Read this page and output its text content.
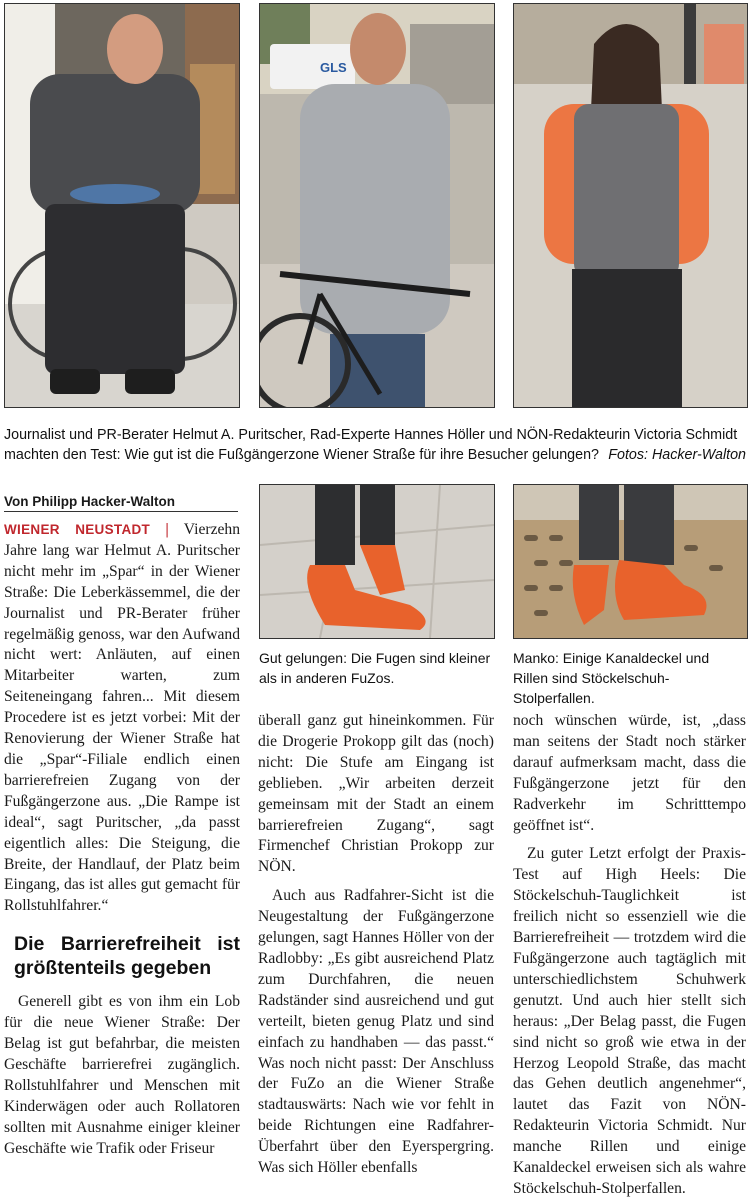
GLS
Journalist und PR-Berater Helmut A. Puritscher, Rad-Experte Hannes Höller und NÖN-Redakteurin Victoria Schmidt machten den Test: Wie gut ist die Fußgängerzone Wiener Straße für ihre Besucher gelungen? Fotos: Hacker-Walton
Von Philipp Hacker-Walton

WIENER NEUSTADT | Vierzehn Jahre lang war Helmut A. Puritscher nicht mehr im „Spar“ in der Wiener Straße: Die Leberkässemmel, die der Journalist und PR-Berater früher regelmäßig genoss, war den Aufwand nicht wert: Anläuten, auf einen Mitarbeiter warten, zum Seiteneingang fahren... Mit diesem Procedere ist es jetzt vorbei: Mit der Renovierung der Wiener Straße hat die „Spar“-Filiale endlich einen barrierefreien Zugang von der Fußgängerzone aus. „Die Rampe ist ideal“, sagt Puritscher, „da passt eigentlich alles: Die Steigung, die Breite, der Handlauf, der Platz beim Eingang, das ist alles gut gemacht für Rollstuhlfahrer.“

Die Barrierefreiheit ist größtenteils gegeben

Generell gibt es von ihm ein Lob für die neue Wiener Straße: Der Belag ist gut befahrbar, die meisten Geschäfte barrierefrei zugänglich. Rollstuhlfahrer und Menschen mit Kinderwägen oder auch Rollatoren sollten mit Ausnahme einiger kleiner Geschäfte wie Trafik oder Friseur

Gut gelungen: Die Fugen sind kleiner als in anderen FuZos.
Manko: Einige Kanaldeckel und Rillen sind Stöckelschuh-Stolperfallen.

überall ganz gut hineinkommen. Für die Drogerie Prokopp gilt das (noch) nicht: Die Stufe am Eingang ist geblieben. „Wir arbeiten derzeit gemeinsam mit der Stadt an einem barrierefreien Zugang“, sagt Firmenchef Christian Prokopp zur NÖN.

Auch aus Radfahrer-Sicht ist die Neugestaltung der Fußgängerzone gelungen, sagt Hannes Höller von der Radlobby: „Es gibt ausreichend Platz zum Durchfahren, die neuen Radständer sind ausreichend und gut verteilt, bieten genug Platz und sind einfach zu handhaben — das passt.“ Was noch nicht passt: Der Anschluss der FuZo an die Wiener Straße stadtauswärts: Nach wie vor fehlt in beide Richtungen eine Radfahrer-Überfahrt über den Eyerspergring. Was sich Höller ebenfalls

noch wünschen würde, ist, „dass man seitens der Stadt noch stärker darauf aufmerksam macht, dass die Fußgängerzone jetzt für den Radverkehr im Schritttempo geöffnet ist“.

Zu guter Letzt erfolgt der Praxis-Test auf High Heels: Die Stöckelschuh-Tauglichkeit ist freilich nicht so essenziell wie die Barrierefreiheit — trotzdem wird die Fußgängerzone auch tagtäglich mit unterschiedlichstem Schuhwerk genutzt. Und auch hier stellt sich heraus: „Der Belag passt, die Fugen sind nicht so groß wie etwa in der Herzog Leopold Straße, das macht das Gehen deutlich angenehmer“, lautet das Fazit von NÖN-Redakteurin Victoria Schmidt. Nur manche Rillen und einige Kanaldeckel erweisen sich als wahre Stöckelschuh-Stolperfallen.
